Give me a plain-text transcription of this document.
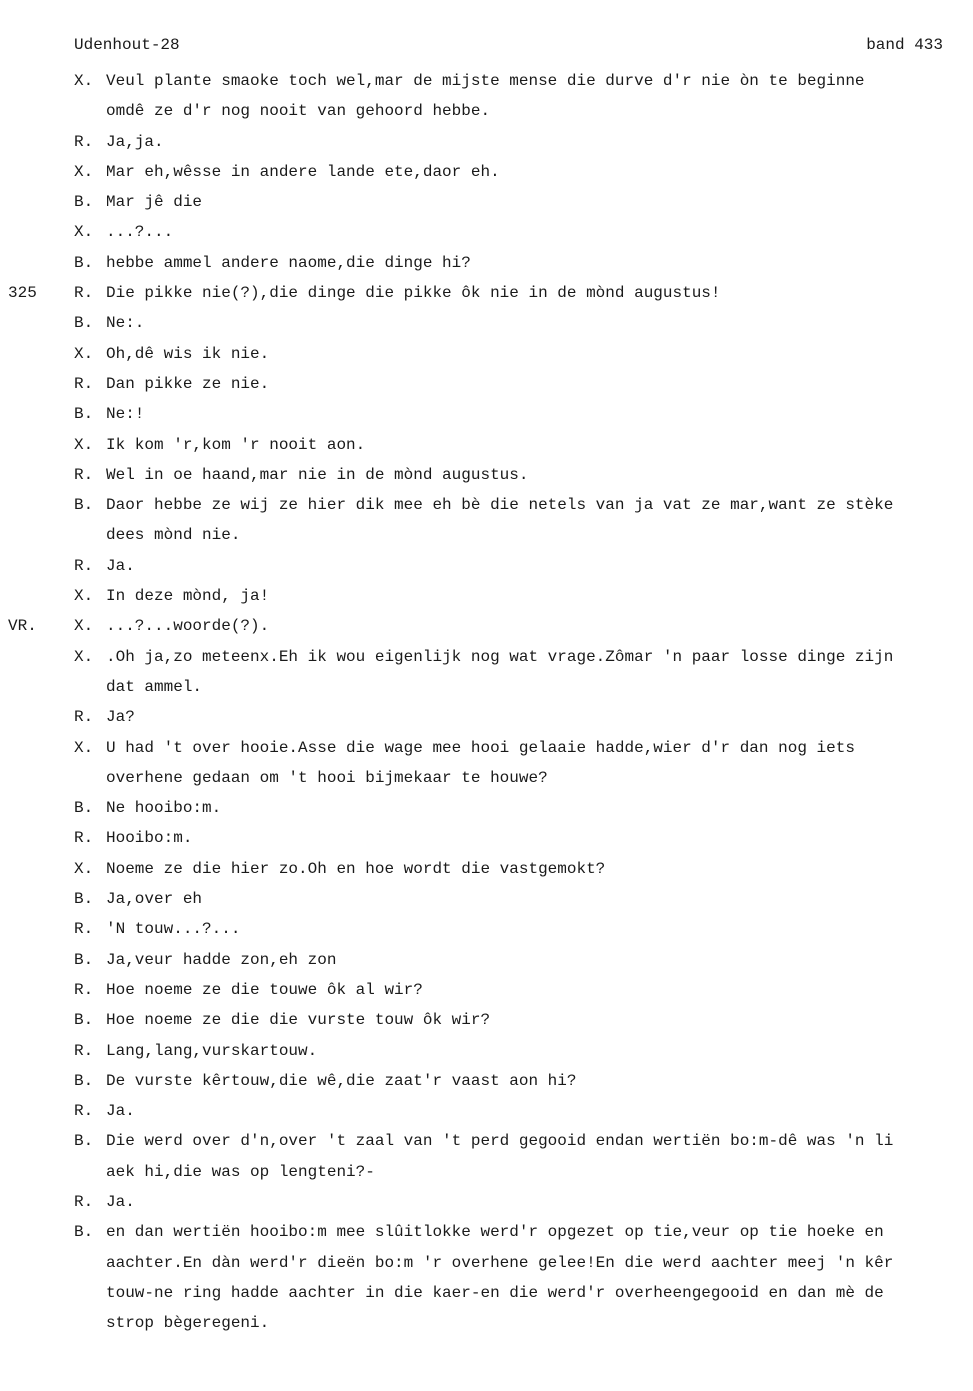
Udenhout-28	band 433
X. Veul plante smaoke toch wel,mar de mijste mense die durve d'r nie òn te beginne
omdê ze d'r nog nooit van gehoord hebbe.
R. Ja,ja.
X. Mar eh,wêsse in andere lande ete,daor eh.
B. Mar jê die
X. ...?...
B. hebbe ammel andere naome,die dinge hi?
325 R. Die pikke nie(?),die dinge die pikke ôk nie in de mònd augustus!
B. Ne:.
X. Oh,dê wis ik nie.
R. Dan pikke ze nie.
B. Ne:!
X. Ik kom 'r,kom 'r nooit aon.
R. Wel in oe haand,mar nie in de mònd augustus.
B. Daor hebbe ze wij ze hier dik mee eh bè die netels van ja vat ze mar,want ze stèke
dees mònd nie.
R. Ja.
X. In deze mònd, ja!
VR. X. ...?...woorde(?).
X. .Oh ja,zo meteenx.Eh ik wou eigenlijk nog wat vrage.Zômar 'n paar losse dinge zijn
dat ammel.
R. Ja?
X. U had 't over hooie.Asse die wage mee hooi gelaaie hadde,wier d'r dan nog iets
overhene gedaan om 't hooi bijmekaar te houwe?
B. Ne hooibo:m.
R. Hooibo:m.
X. Noeme ze die hier zo.Oh en hoe wordt die vastgemokt?
B. Ja,over eh
R. 'N touw...?...
B. Ja,veur hadde zon,eh zon
R. Hoe noeme ze die touwe ôk al wir?
B. Hoe noeme ze die die vurste touw ôk wir?
R. Lang,lang,vurskartouw.
B. De vurste kêrtouw,die wê,die zaat'r vaast aon hi?
R. Ja.
B. Die werd over d'n,over 't zaal van 't perd gegooid endan wertiën bo:m-dê was 'n li
aek hi,die was op lengteni?-
R. Ja.
B. en dan wertiën hooibo:m mee slûitlokke werd'r opgezet op tie,veur op tie hoeke en
aachter.En dàn werd'r dieën bo:m 'r overhene gelee!En die werd aachter meej 'n kêr
touw-ne ring hadde aachter in die kaer-en die werd'r overheengegooid en dan mè de
strop bègeregeni.
